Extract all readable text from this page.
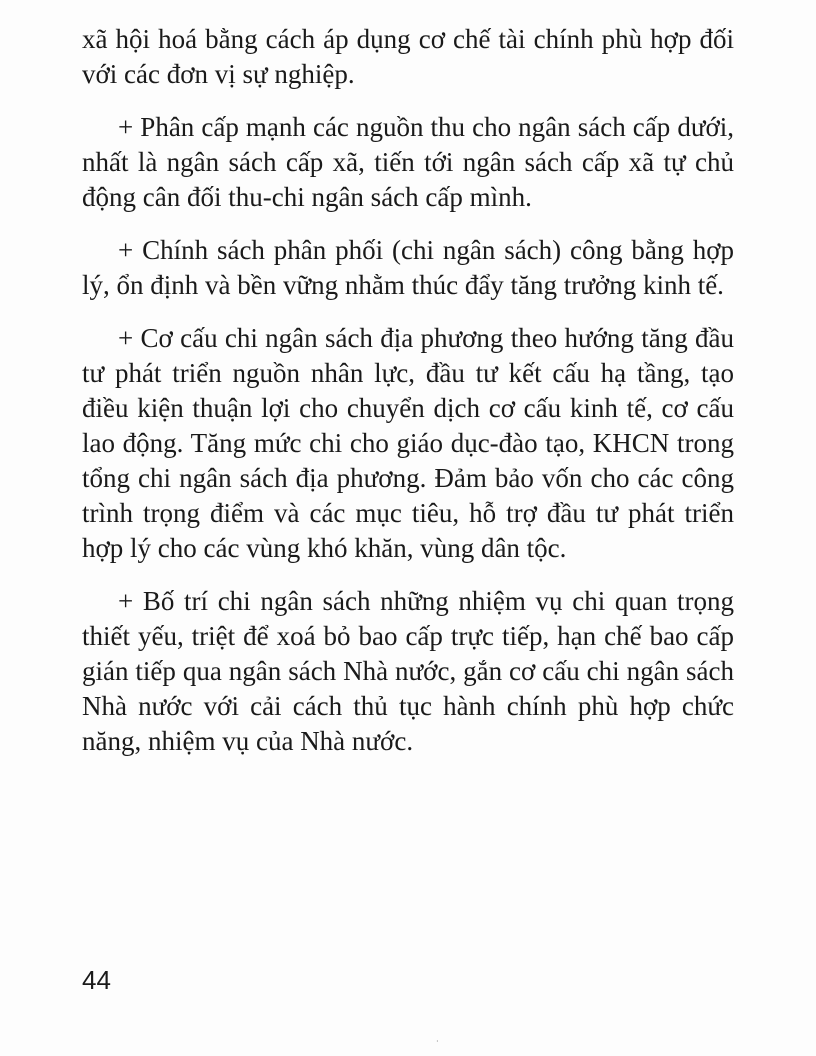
xã hội hoá bằng cách áp dụng cơ chế tài chính phù hợp đối với các đơn vị sự nghiệp.

+ Phân cấp mạnh các nguồn thu cho ngân sách cấp dưới, nhất là ngân sách cấp xã, tiến tới ngân sách cấp xã tự chủ động cân đối thu-chi ngân sách cấp mình.

+ Chính sách phân phối (chi ngân sách) công bằng hợp lý, ổn định và bền vững nhằm thúc đẩy tăng trưởng kinh tế.

+ Cơ cấu chi ngân sách địa phương theo hướng tăng đầu tư phát triển nguồn nhân lực, đầu tư kết cấu hạ tầng, tạo điều kiện thuận lợi cho chuyển dịch cơ cấu kinh tế, cơ cấu lao động. Tăng mức chi cho giáo dục-đào tạo, KHCN trong tổng chi ngân sách địa phương. Đảm bảo vốn cho các công trình trọng điểm và các mục tiêu, hỗ trợ đầu tư phát triển hợp lý cho các vùng khó khăn, vùng dân tộc.

+ Bố trí chi ngân sách những nhiệm vụ chi quan trọng thiết yếu, triệt để xoá bỏ bao cấp trực tiếp, hạn chế bao cấp gián tiếp qua ngân sách Nhà nước, gắn cơ cấu chi ngân sách Nhà nước với cải cách thủ tục hành chính phù hợp chức năng, nhiệm vụ của Nhà nước.

44
·
